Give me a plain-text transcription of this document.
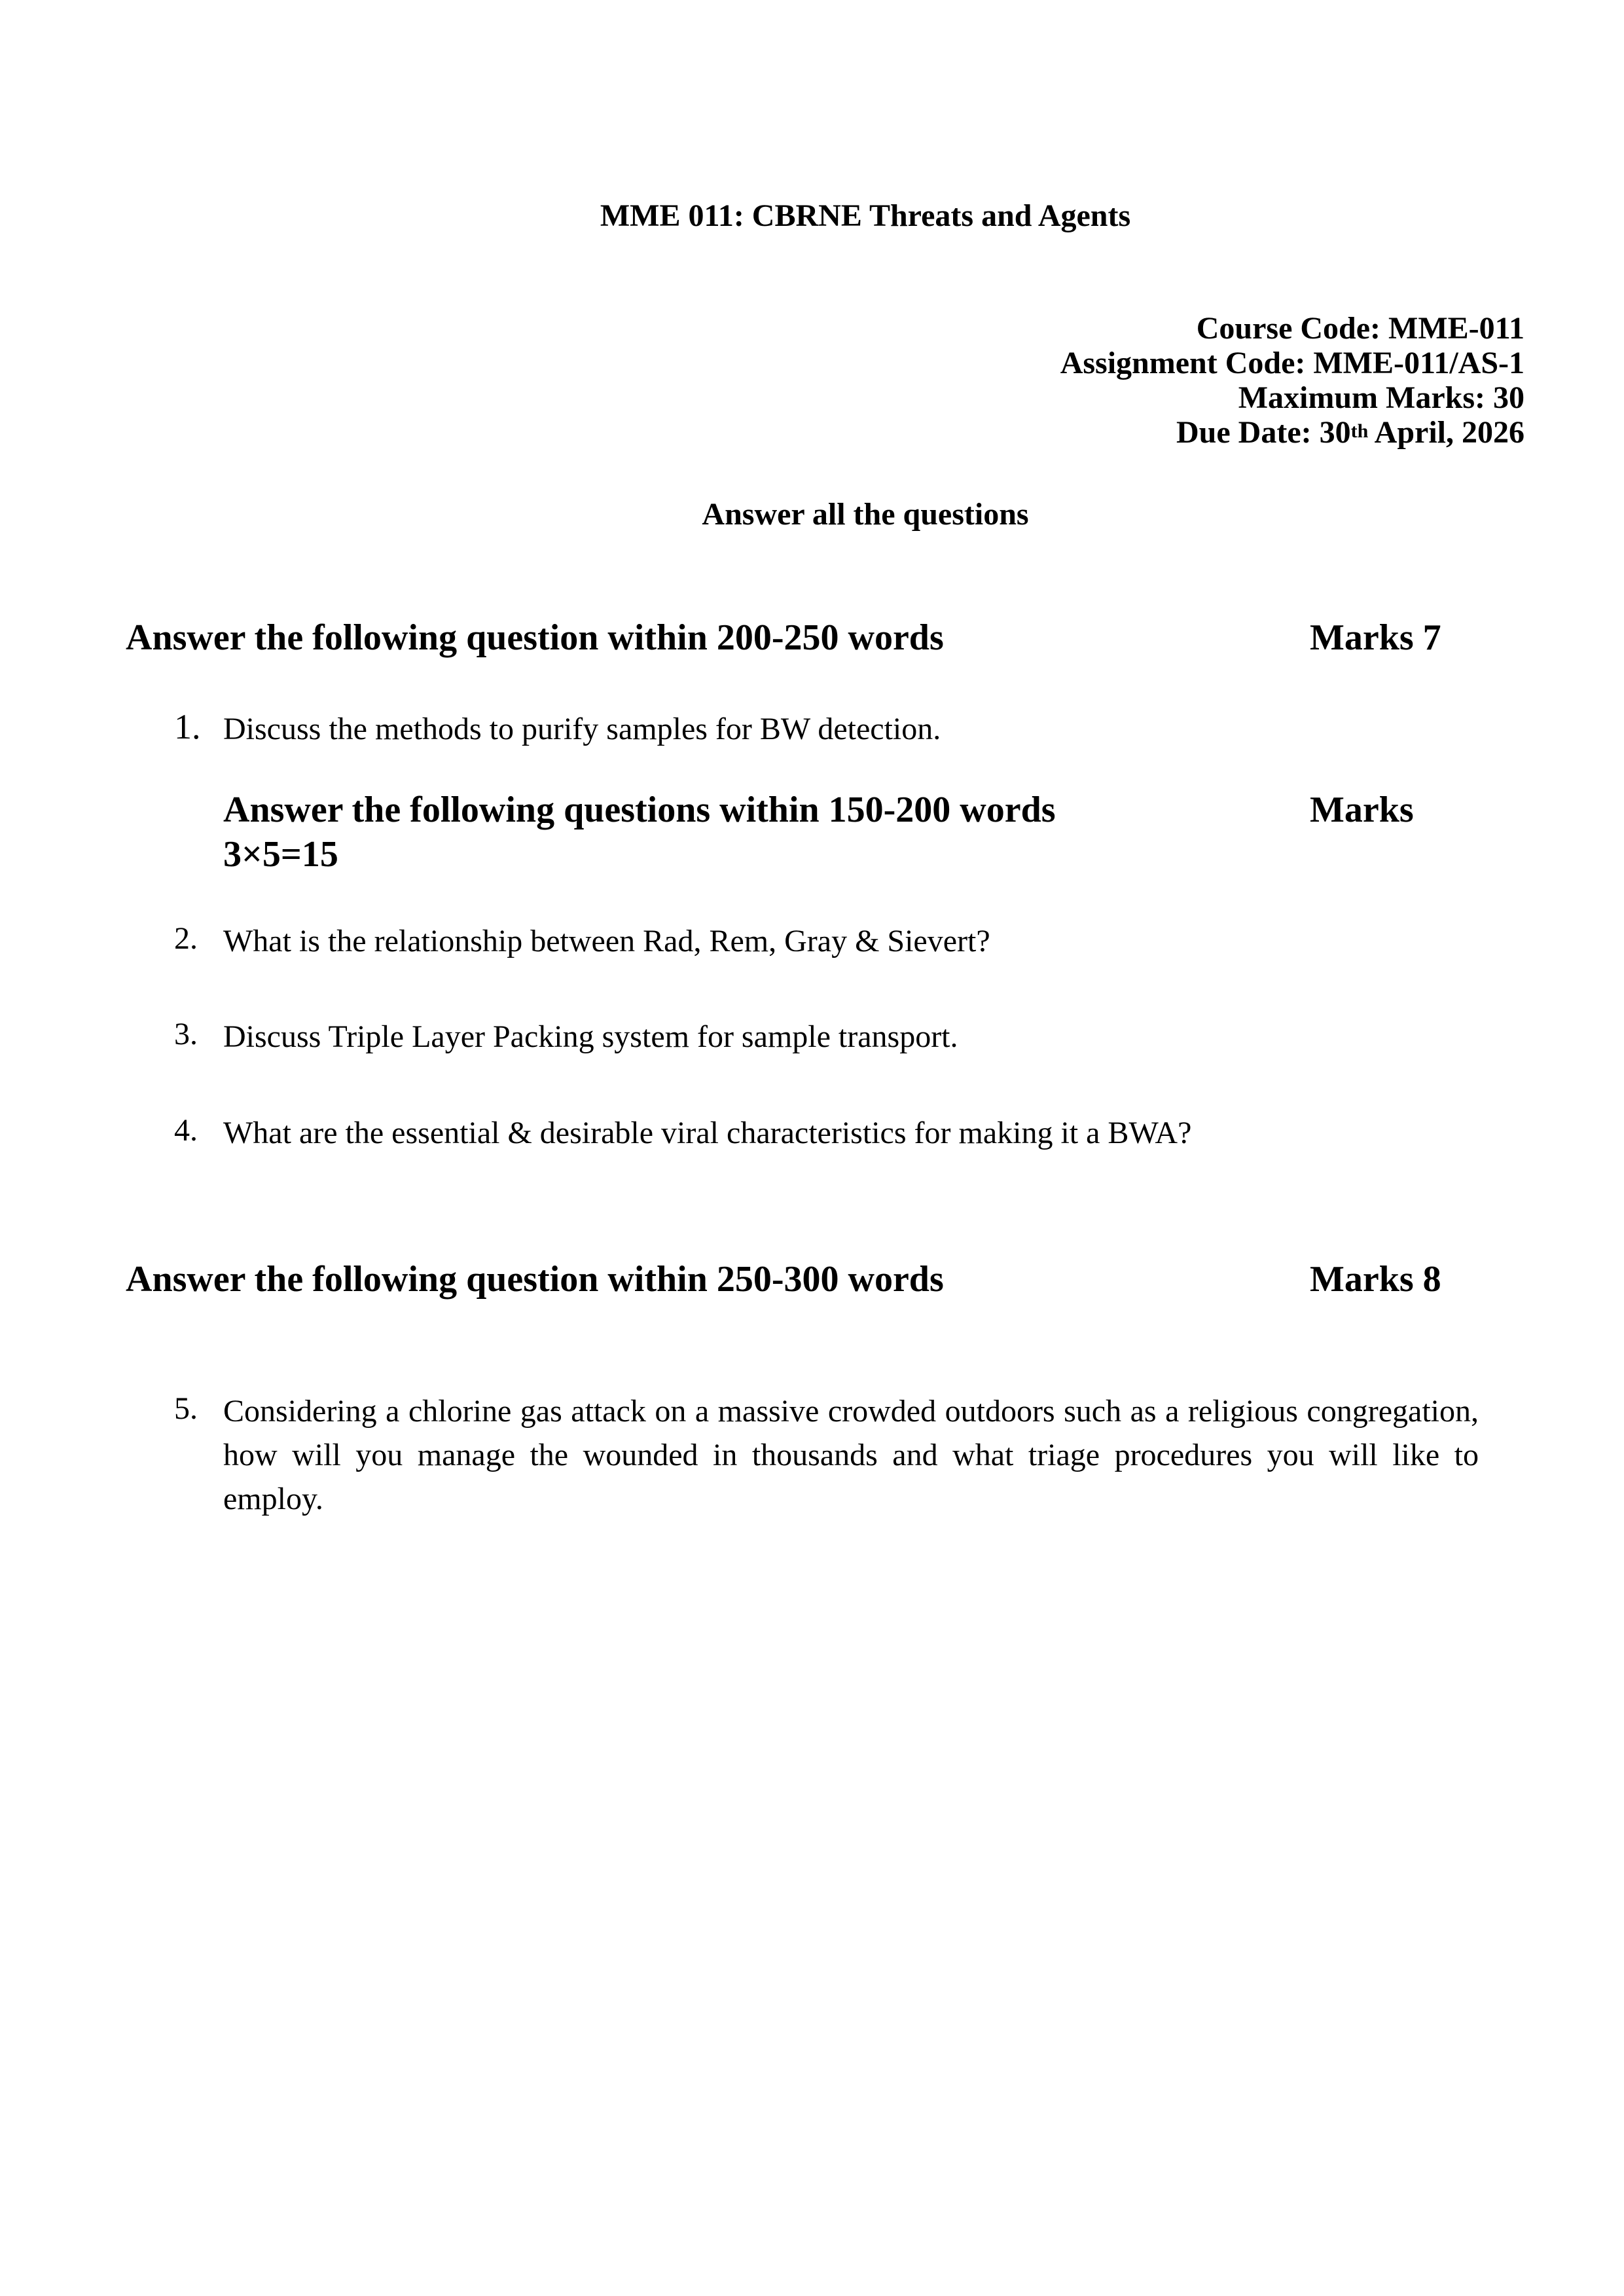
MME 011: CBRNE Threats and Agents
Course Code: MME-011
Assignment Code: MME-011/AS-1
Maximum Marks: 30
Due Date: 30th April, 2026
Answer all the questions
Answer the following question within 200-250 words	Marks 7
1. Discuss the methods to purify samples for BW detection.
Answer the following questions within 150-200 words	Marks
3×5=15
2. What is the relationship between Rad, Rem, Gray & Sievert?
3. Discuss Triple Layer Packing system for sample transport.
4. What are the essential & desirable viral characteristics for making it a BWA?
Answer the following question within 250-300 words	Marks 8
5. Considering a chlorine gas attack on a massive crowded outdoors such as a religious congregation, how will you manage the wounded in thousands and what triage procedures you will like to employ.
